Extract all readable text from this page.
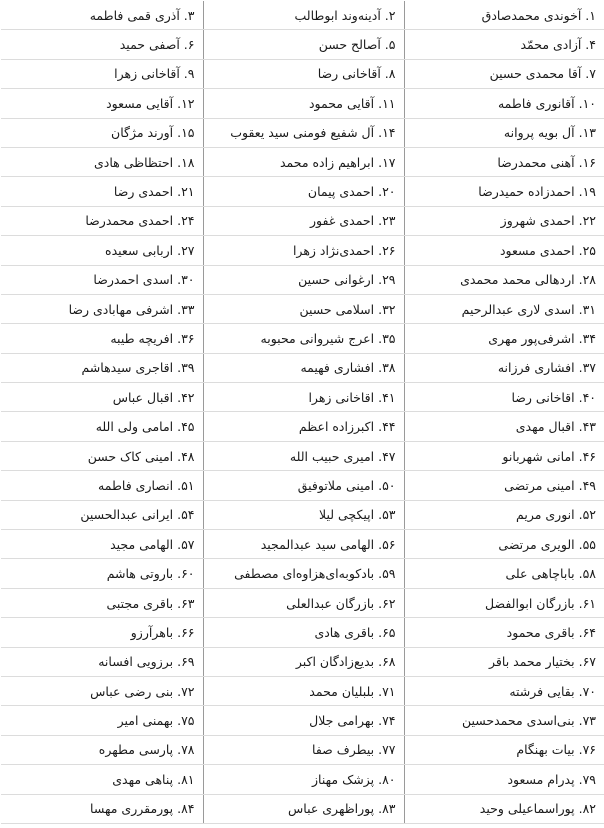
۱. آخوندی محمدصادق	۲. آدینه‌وند ابوطالب	۳. آذری قمی فاطمه
۴. آزادی محمّد	۵. آصالح حسن	۶. آصفی حمید
۷. آقا محمدی حسین	۸. آقاخانی رضا	۹. آقاخانی زهرا
۱۰. آقانوری فاطمه	۱۱. آقایی محمود	۱۲. آقایی مسعود
۱۳. آل بویه پروانه	۱۴. آل شفیع فومنی سید یعقوب	۱۵. آورند مژگان
۱۶. آهنی محمدرضا	۱۷. ابراهیم زاده محمد	۱۸. احتظاظی هادی
۱۹. احمدزاده حمیدرضا	۲۰. احمدی پیمان	۲۱. احمدی رضا
۲۲. احمدی شهروز	۲۳. احمدی غفور	۲۴. احمدی محمدرضا
۲۵. احمدی مسعود	۲۶. احمدی‌نژاد زهرا	۲۷. اربابی سعیده
۲۸. اردهالی محمد محمدی	۲۹. ارغوانی حسین	۳۰. اسدی احمدرضا
۳۱. اسدی لاری عبدالرحیم	۳۲. اسلامی حسین	۳۳. اشرفی مهابادی رضا
۳۴. اشرفی‌پور مهری	۳۵. اعرج شیروانی محبوبه	۳۶. افریچه طیبه
۳۷. افشاری فرزانه	۳۸. افشاری فهیمه	۳۹. اقاجری سیدهاشم
۴۰. اقاخانی رضا	۴۱. اقاخانی زهرا	۴۲. اقبال عباس
۴۳. اقبال مهدی	۴۴. اکبرزاده اعظم	۴۵. امامی ولی الله
۴۶. امانی شهربانو	۴۷. امیری حبیب الله	۴۸. امینی کاک حسن
۴۹. امینی مرتضی	۵۰. امینی ملاتوفیق	۵۱. انصاری فاطمه
۵۲. انوری مریم	۵۳. اپیکچی لیلا	۵۴. ایرانی عبدالحسین
۵۵. الویری مرتضی	۵۶. الهامی سید عبدالمجید	۵۷. الهامی مجید
۵۸. باباچاهی علی	۵۹. بادکوبه‌ای‌هزاوه‌ای مصطفی	۶۰. باروتی هاشم
۶۱. بازرگان ابوالفضل	۶۲. بازرگان عبدالعلی	۶۳. باقری مجتبی
۶۴. باقری محمود	۶۵. باقری هادی	۶۶. باهرآرزو
۶۷. بختیار محمد باقر	۶۸. بدیع‌زادگان اکبر	۶۹. برزویی افسانه
۷۰. بقایی فرشته	۷۱. بلبلیان محمد	۷۲. بنی رضی عباس
۷۳. بنی‌اسدی محمدحسین	۷۴. بهرامی جلال	۷۵. بهمنی امیر
۷۶. بیات بهنگام	۷۷. بیطرف صفا	۷۸. پارسی مطهره
۷۹. پدرام مسعود	۸۰. پزشک مهناز	۸۱. پناهی مهدی
۸۲. پوراسماعیلی وحید	۸۳. پوراظهری عباس	۸۴. پورمقرری مهسا
